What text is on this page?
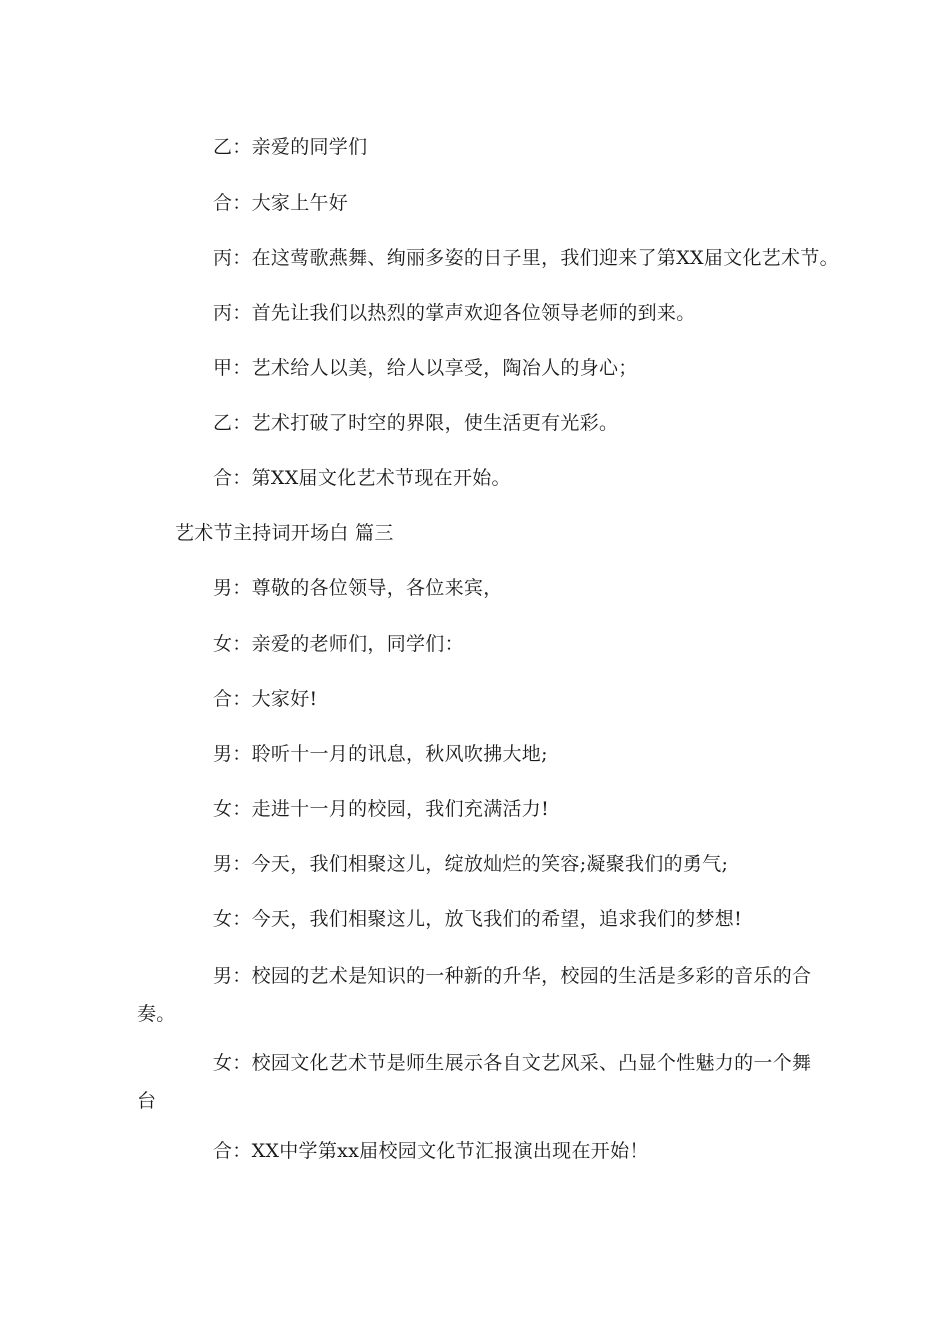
乙：亲爱的同学们
合：大家上午好
丙：在这莺歌燕舞、绚丽多姿的日子里，我们迎来了第XX届文化艺术节。
丙：首先让我们以热烈的掌声欢迎各位领导老师的到来。
甲：艺术给人以美，给人以享受，陶冶人的身心；
乙：艺术打破了时空的界限，使生活更有光彩。
合：第XX届文化艺术节现在开始。
艺术节主持词开场白 篇三
男：尊敬的各位领导，各位来宾，
女：亲爱的老师们，同学们：
合：大家好!
男：聆听十一月的讯息，秋风吹拂大地;
女：走进十一月的校园，我们充满活力!
男：今天，我们相聚这儿，绽放灿烂的笑容;凝聚我们的勇气;
女：今天，我们相聚这儿，放飞我们的希望，追求我们的梦想!
男：校园的艺术是知识的一种新的升华，校园的生活是多彩的音乐的合奏。
女：校园文化艺术节是师生展示各自文艺风采、凸显个性魅力的一个舞台
合：XX中学第xx届校园文化节汇报演出现在开始！
